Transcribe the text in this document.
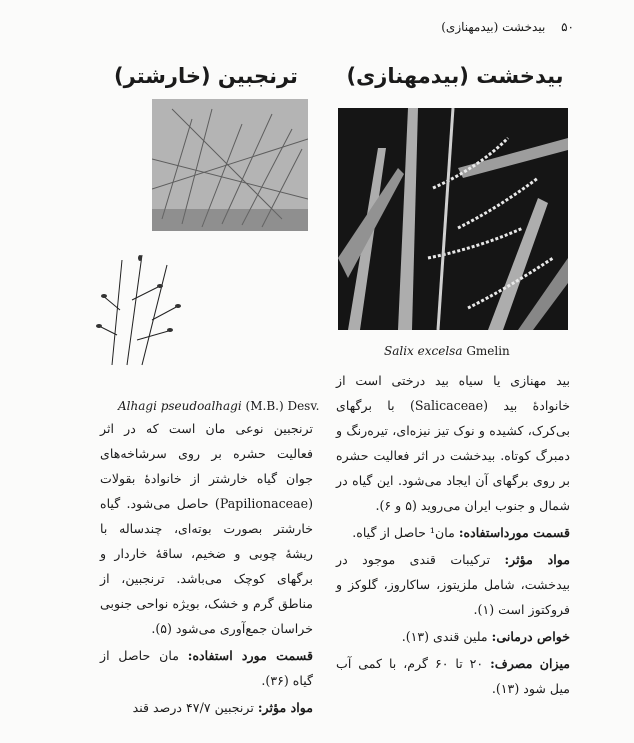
۵۰ بیدخشت (بیدمهنازی)
بیدخشت (بیدمهنازی)
ترنجبین (خارشتر)
Salix excelsa Gmelin
Alhagi pseudoalhagi (M.B.) Desv.

بید مهنازی یا سیاه بید درختی است از خانوادهٔ بید (Salicaceae) با برگهای بی‌کرک، کشیده و نوک تیز نیزه‌ای، تیره‌رنگ و دمبرگ کوتاه. بیدخشت در اثر فعالیت حشره بر روی برگهای آن ایجاد می‌شود. این گیاه در شمال و جنوب ایران می‌روید (۵ و ۶).

قسمت مورداستفاده: مان¹ حاصل از گیاه.

مواد مؤثر: ترکیبات قندی موجود در بیدخشت، شامل ملزیتوز، ساکاروز، گلوکز و فروکتوز است (۱).

خواص درمانی: ملین قندی (۱۳).

میزان مصرف: ۲۰ تا ۶۰ گرم، با کمی آب میل شود (۱۳).

ترنجبین نوعی مان است که در اثر فعالیت حشره بر روی سرشاخه‌های جوان گیاه خارشتر از خانوادهٔ بقولات (Papilionaceae) حاصل می‌شود. گیاه خارشتر بصورت بوته‌ای، چندساله با ریشهٔ چوبی و ضخیم، ساقهٔ خاردار و برگهای کوچک می‌باشد. ترنجبین، از مناطق گرم و خشک، بویژه نواحی جنوبی خراسان جمع‌آوری می‌شود (۵).

قسمت مورد استفاده: مان حاصل از گیاه (۳۶).

مواد مؤثر: ترنجبین ۴۷/۷ درصد قند
